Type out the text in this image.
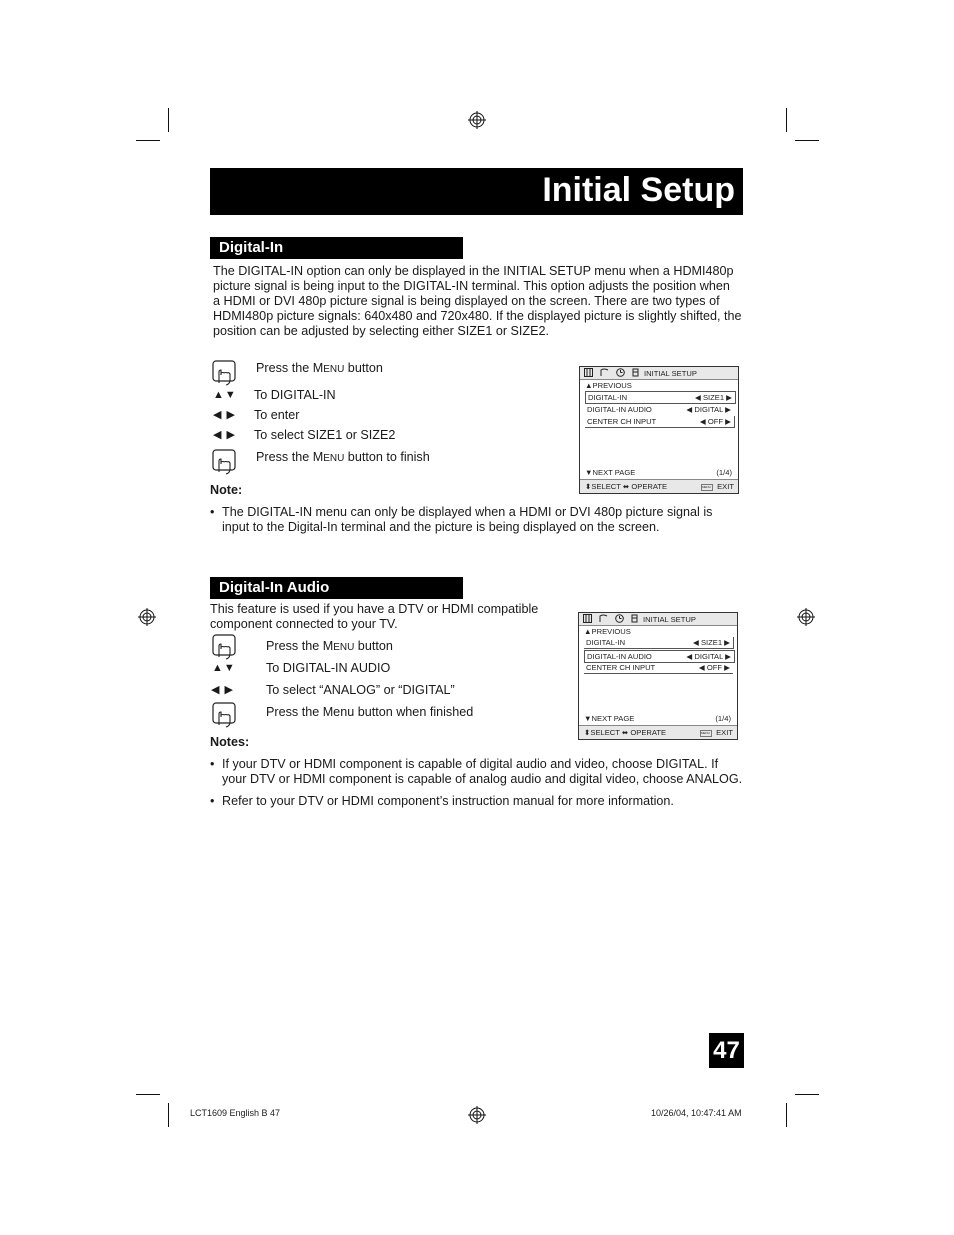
Initial Setup
Digital-In
The DIGITAL-IN option can only be displayed in the INITIAL SETUP menu when a HDMI480p
picture signal is being input to the DIGITAL-IN terminal. This option adjusts the position when
a HDMI or DVI 480p picture signal is being displayed on the screen. There are two types of
HDMI480p picture signals: 640x480 and 720x480. If the displayed picture is slightly shifted, the
position can be adjusted by selecting either SIZE1 or SIZE2.
Press the MENU button
▲▼ To DIGITAL-IN
◀ ▶ To enter
◀ ▶ To select SIZE1 or SIZE2
Press the MENU button to finish
INITIAL SETUP
▲PREVIOUS
DIGITAL-IN	◀ SIZE1 ▶
DIGITAL-IN AUDIO	◀ DIGITAL ▶
CENTER CH INPUT	◀ OFF ▶
▼NEXT PAGE	(1/4)
⬍SELECT ⬌ OPERATE	MENU EXIT
Note:
• The DIGITAL-IN menu can only be displayed when a HDMI or DVI 480p picture signal is
input to the Digital-In terminal and the picture is being displayed on the screen.
Digital-In Audio
This feature is used if you have a DTV or HDMI compatible
component connected to your TV.
Press the MENU button
▲▼ To DIGITAL-IN AUDIO
◀ ▶	To select “ANALOG” or “DIGITAL”
Press the Menu button when finished
INITIAL SETUP
▲PREVIOUS
DIGITAL-IN	◀ SIZE1 ▶
DIGITAL-IN AUDIO	◀ DIGITAL ▶
CENTER CH INPUT	◀ OFF ▶
▼NEXT PAGE	(1/4)
⬍SELECT ⬌ OPERATE	MENU EXIT
Notes:
• If your DTV or HDMI component is capable of digital audio and video, choose DIGITAL. If
your DTV or HDMI component is capable of analog audio and digital video, choose ANALOG.
• Refer to your DTV or HDMI component’s instruction manual for more information.
47
LCT1609 English B 47	10/26/04, 10:47:41 AM
